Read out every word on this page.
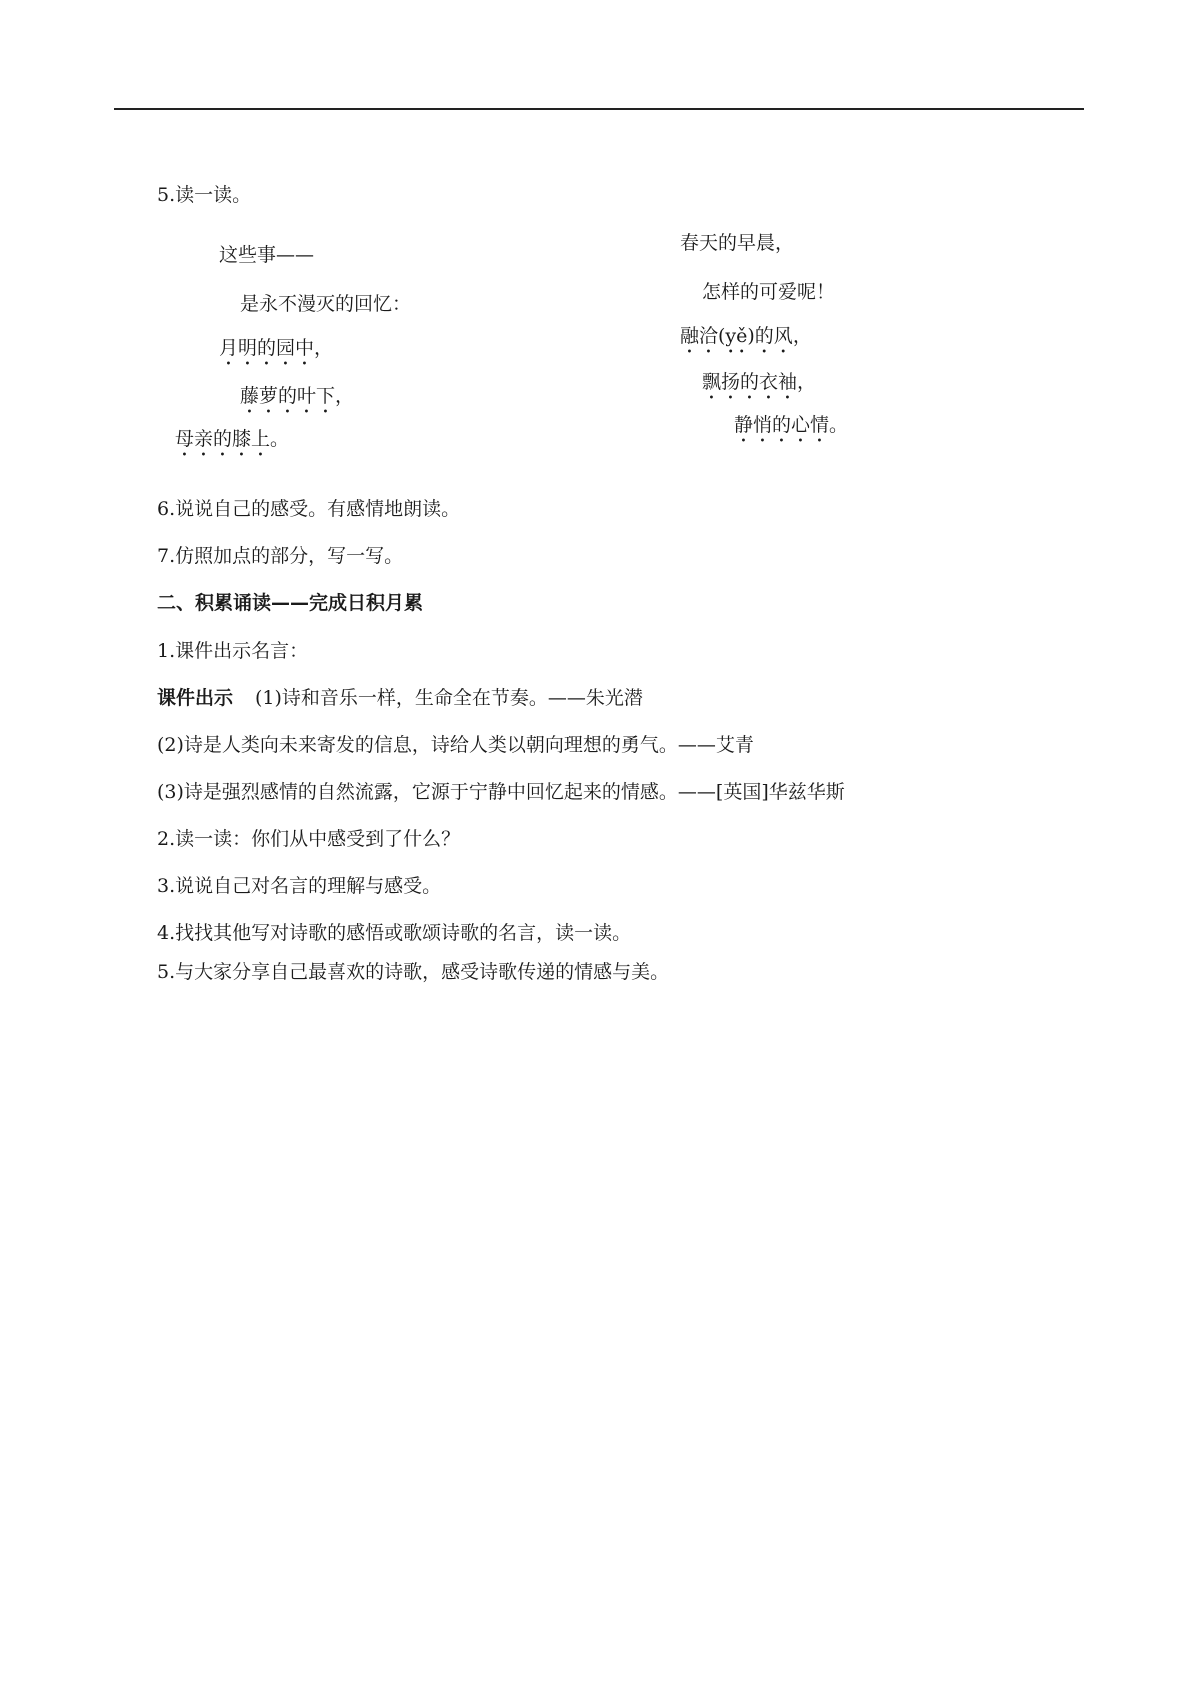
5.读一读。
这些事——
是永不漫灭的回忆：
月明的园中，
藤萝的叶下，
母亲的膝上。
春天的早晨，
怎样的可爱呢！
融洽(yě)的风，
飘扬的衣袖，
静悄的心情。
6.说说自己的感受。有感情地朗读。
7.仿照加点的部分，写一写。
二、积累诵读——完成日积月累
1.课件出示名言：
课件出示 (1)诗和音乐一样，生命全在节奏。——朱光潜
(2)诗是人类向未来寄发的信息，诗给人类以朝向理想的勇气。——艾青
(3)诗是强烈感情的自然流露，它源于宁静中回忆起来的情感。——[英国]华兹华斯
2.读一读：你们从中感受到了什么？
3.说说自己对名言的理解与感受。
4.找找其他写对诗歌的感悟或歌颂诗歌的名言，读一读。
5.与大家分享自己最喜欢的诗歌，感受诗歌传递的情感与美。
